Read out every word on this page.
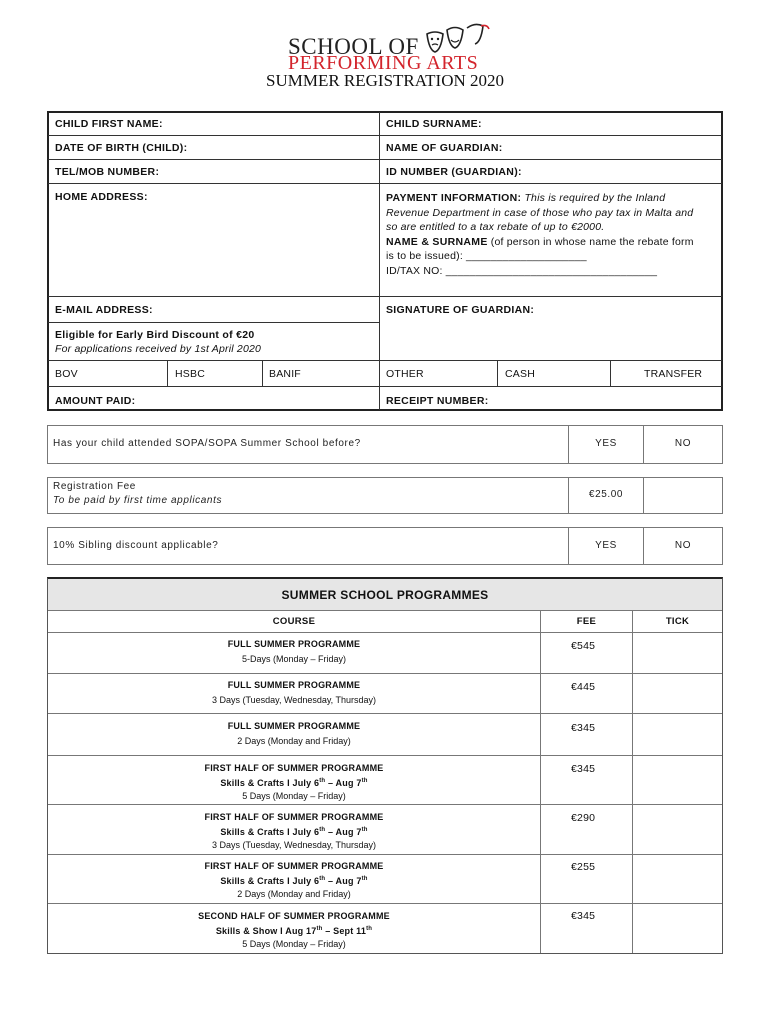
SCHOOL OF
PERFORMING ARTS
SUMMER REGISTRATION 2020
CHILD FIRST NAME:	CHILD SURNAME:
DATE OF BIRTH (CHILD):	NAME OF GUARDIAN:
TEL/MOB NUMBER:	ID NUMBER (GUARDIAN):
HOME ADDRESS:	PAYMENT INFORMATION: This is required by the Inland
Revenue Department in case of those who pay tax in Malta and
so are entitled to a tax rebate of up to €2000.
NAME & SURNAME (of person in whose name the rebate form
is to be issued): ____________________
ID/TAX NO: ___________________________________
E-MAIL ADDRESS:	SIGNATURE OF GUARDIAN:
Eligible for Early Bird Discount of €20
For applications received by 1st April 2020
BOV	HSBC	BANIF	OTHER	CASH	TRANSFER
AMOUNT PAID:	RECEIPT NUMBER:
Has your child attended SOPA/SOPA Summer School before?	YES	NO
Registration Fee
To be paid by first time applicants
€25.00
10% Sibling discount applicable?	YES	NO
SUMMER SCHOOL PROGRAMMES
COURSE	FEE	TICK
FULL SUMMER PROGRAMME
5-Days (Monday – Friday)
€545
FULL SUMMER PROGRAMME
3 Days (Tuesday, Wednesday, Thursday)
€445
FULL SUMMER PROGRAMME
2 Days (Monday and Friday)
€345
FIRST HALF OF SUMMER PROGRAMME
Skills & Crafts I July 6th – Aug 7th
5 Days (Monday – Friday)
€345
FIRST HALF OF SUMMER PROGRAMME
Skills & Crafts I July 6th – Aug 7th
3 Days (Tuesday, Wednesday, Thursday)
€290
FIRST HALF OF SUMMER PROGRAMME
Skills & Crafts I July 6th – Aug 7th
2 Days (Monday and Friday)
€255
SECOND HALF OF SUMMER PROGRAMME
Skills & Show I Aug 17th – Sept 11th
5 Days (Monday – Friday)
€345
